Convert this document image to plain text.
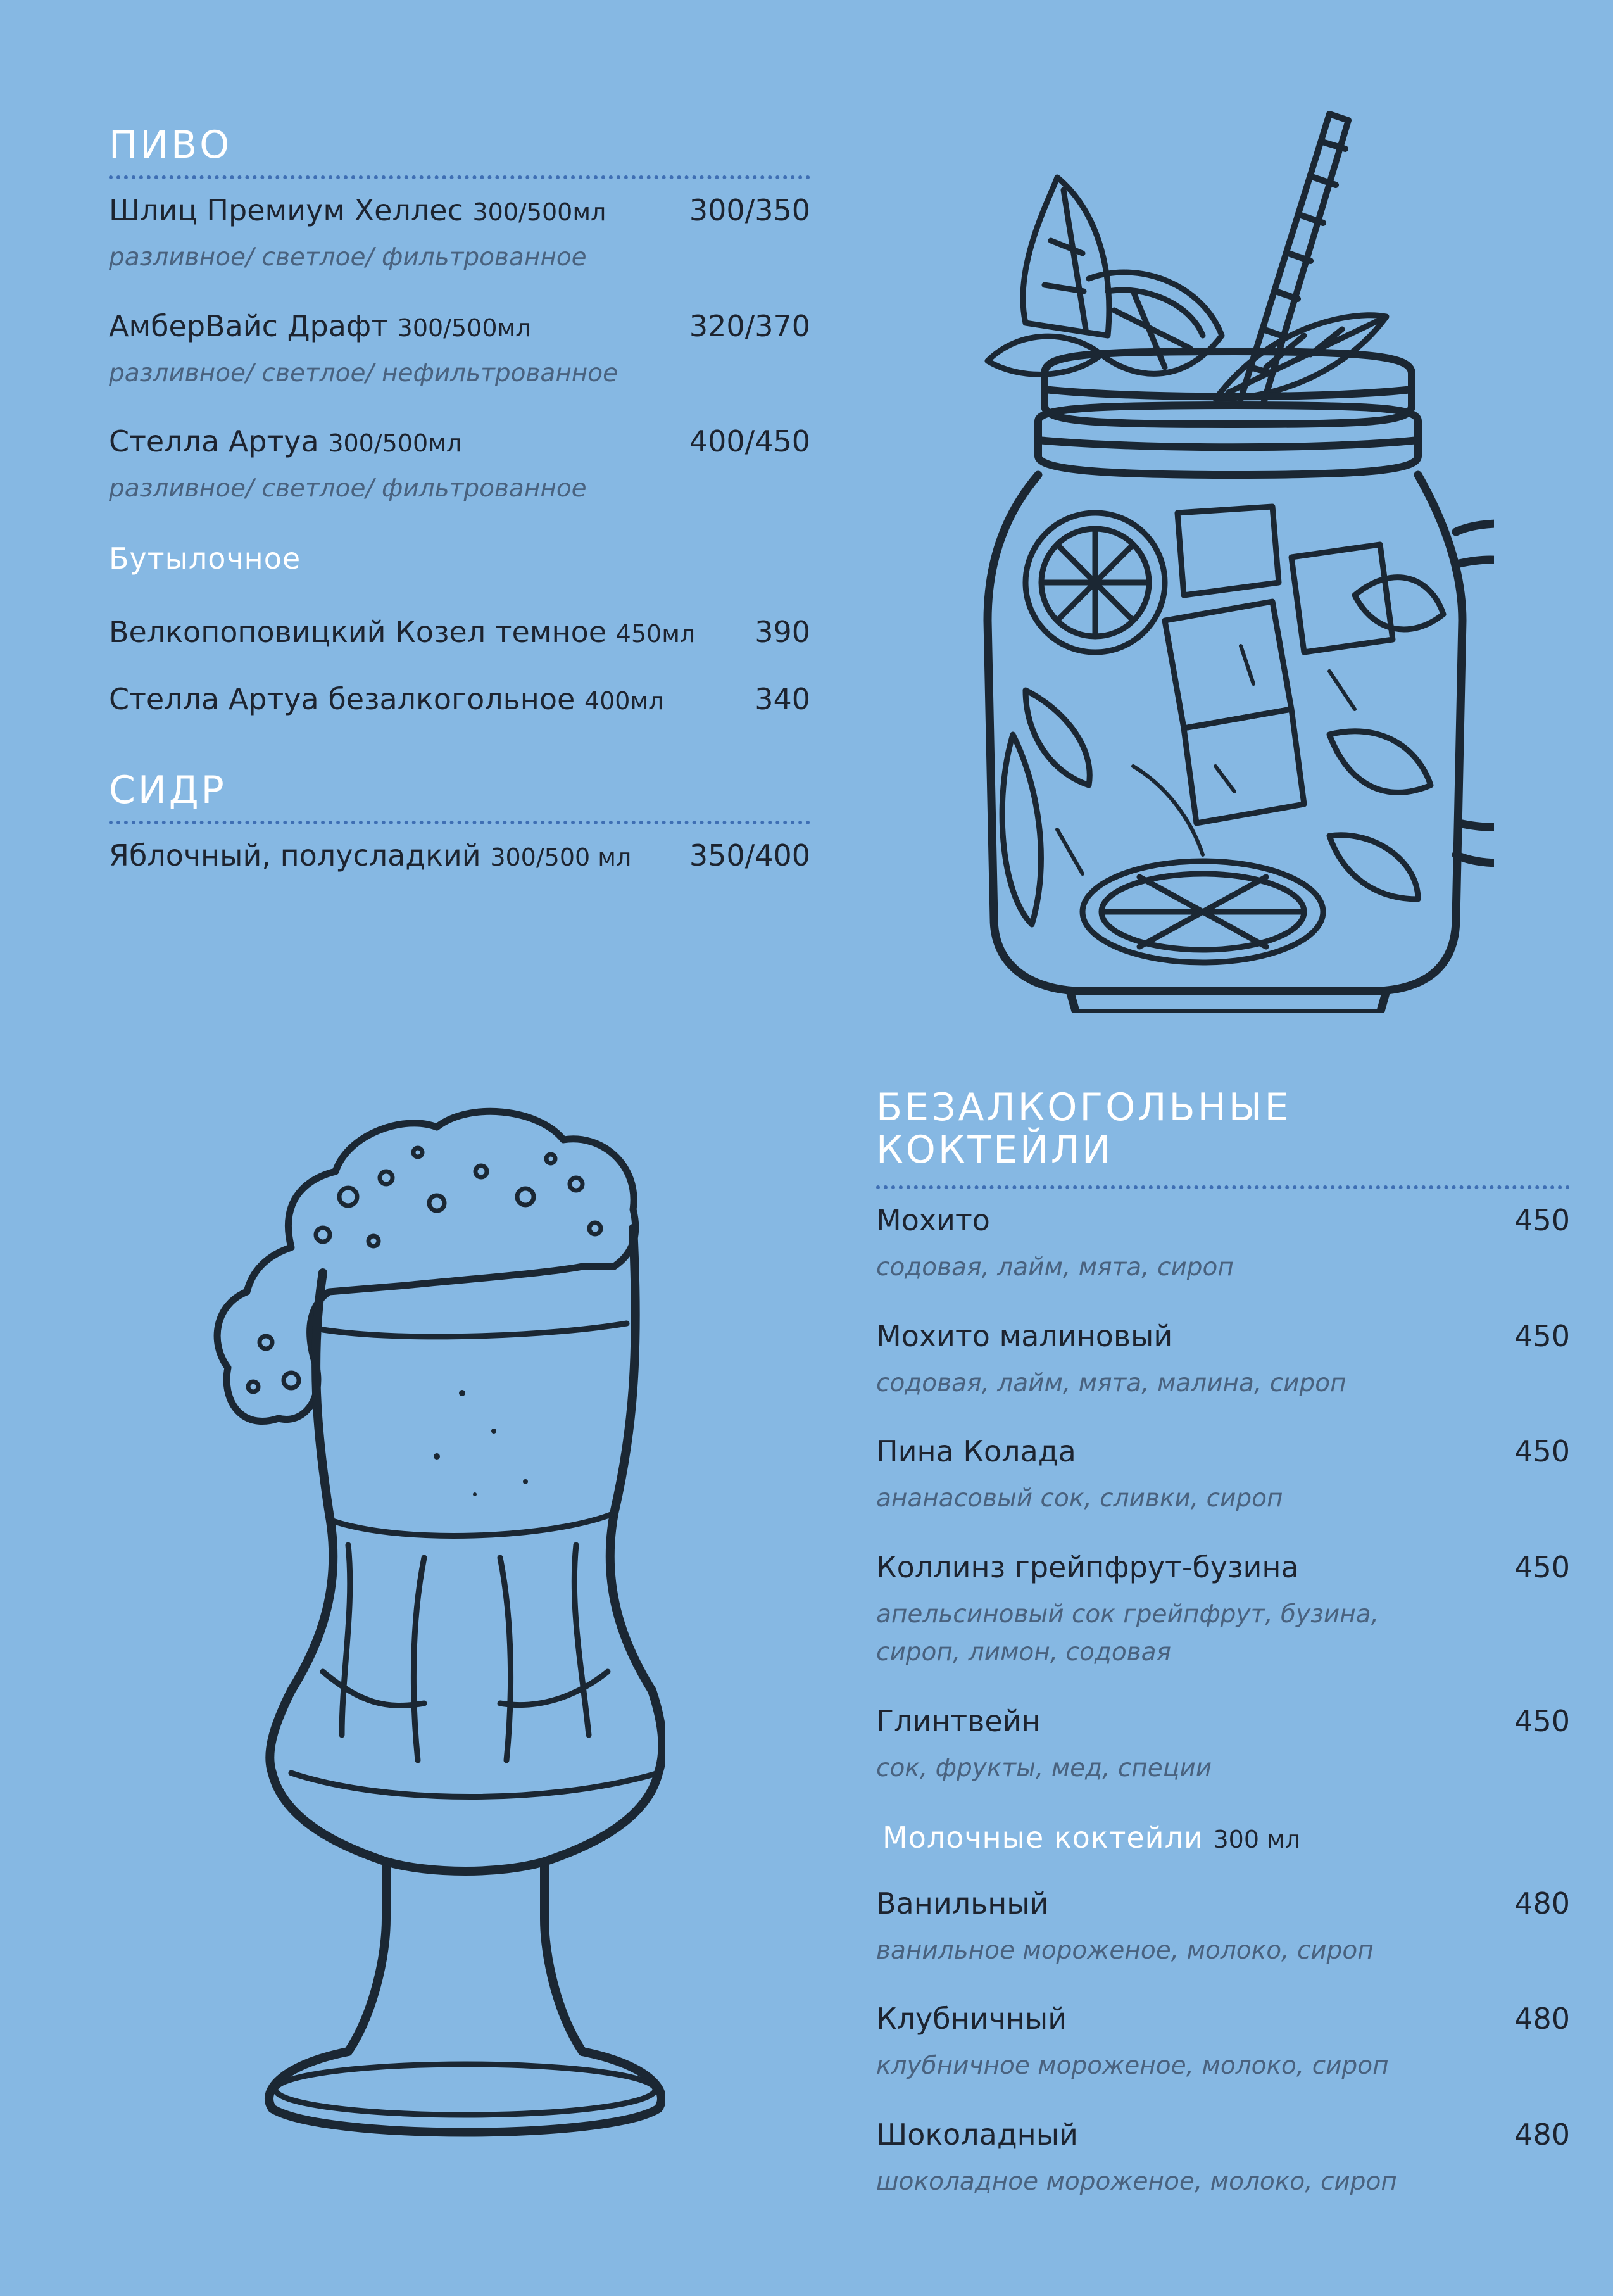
ПИВО
Шлиц Премиум Хеллес 300/500мл	300/350
разливное/ светлое/ фильтрованное
АмберВайс Драфт 300/500мл	320/370
разливное/ светлое/ нефильтрованное
Стелла Артуа 300/500мл	400/450
разливное/ светлое/ фильтрованное
Бутылочное
Велкопоповицкий Козел темное 450мл 390
Стелла Артуа безалкогольное 400мл	340
СИДР
Яблочный, полусладкий 300/500 мл 350/400
БЕЗАЛКОГОЛЬНЫЕ
КОКТЕЙЛИ
Мохито	450
содовая, лайм, мята, сироп
Мохито малиновый	450
содовая, лайм, мята, малина, сироп
Пина Колада	450
ананасовый сок, сливки, сироп
Коллинз грейпфрут-бузина	450
апельсиновый сок грейпфрут, бузина,
сироп, лимон, содовая
Глинтвейн	450
сок, фрукты, мед, специи
Молочные коктейли 300 мл
Ванильный	480
ванильное мороженое, молоко, сироп
Клубничный	480
клубничное мороженое, молоко, сироп
Шоколадный	480
шоколадное мороженое, молоко, сироп
